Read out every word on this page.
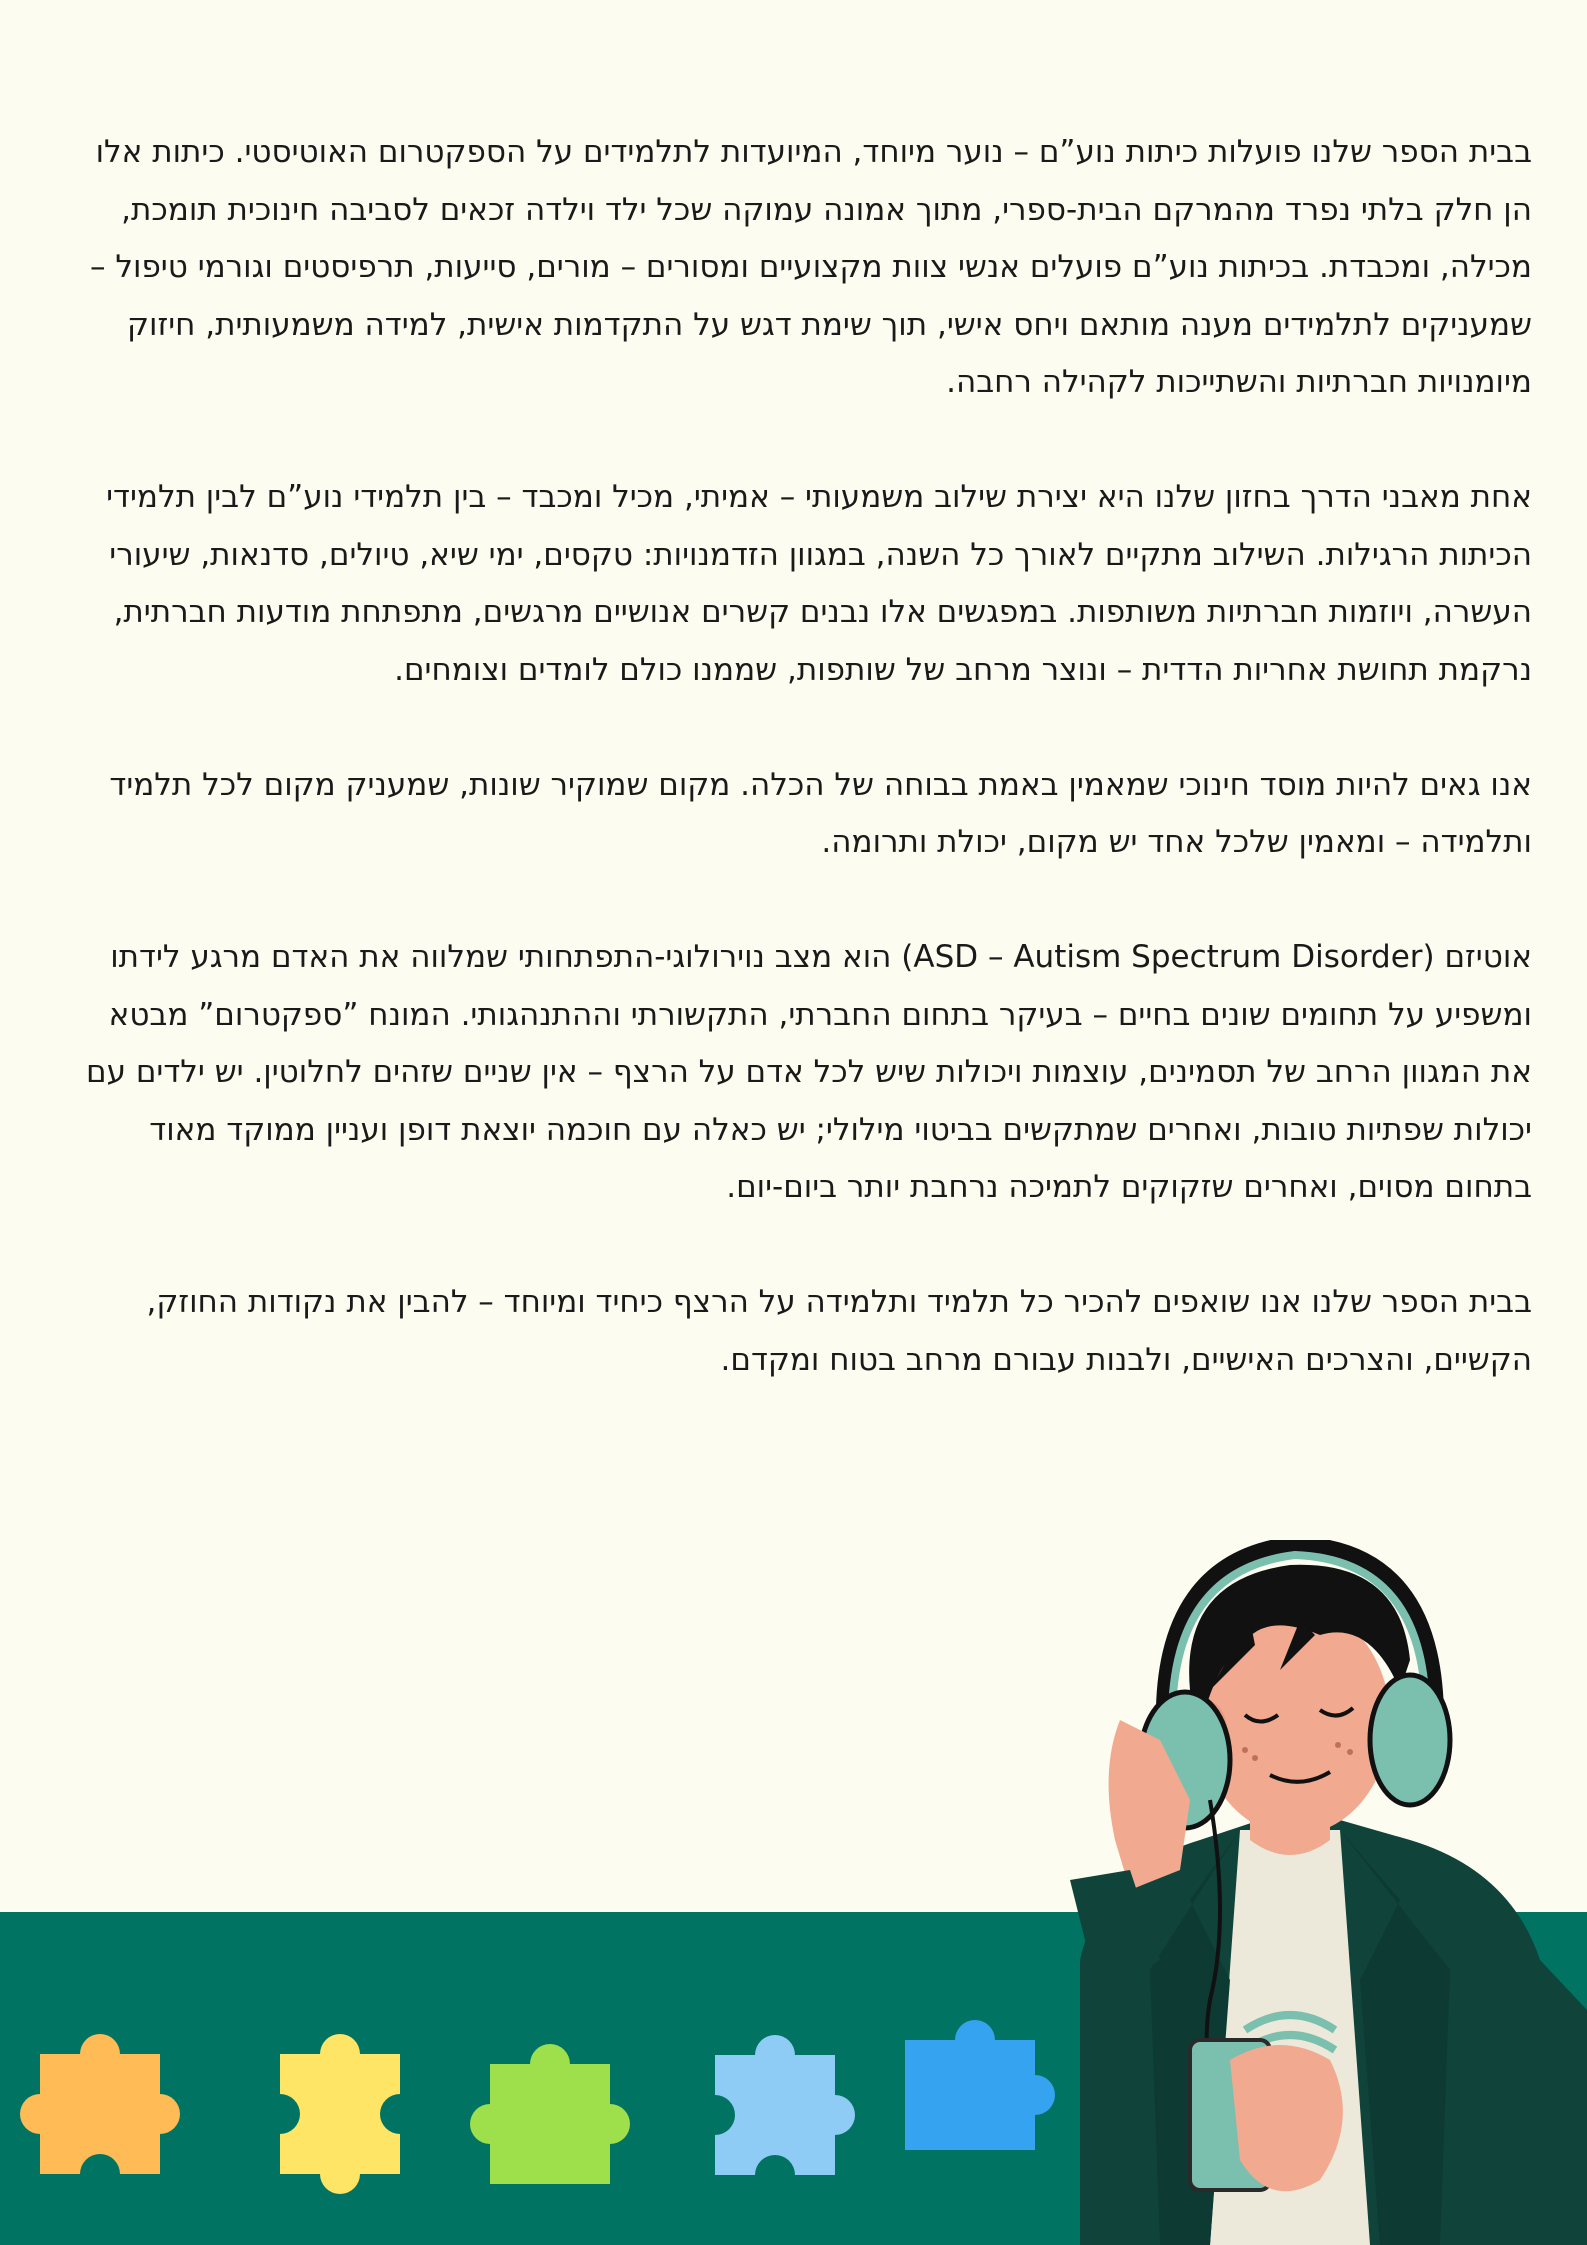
בבית הספר שלנו פועלות כיתות נוע”ם – נוער מיוחד, המיועדות לתלמידים על הספקטרום האוטיסטי. כיתות אלו הן חלק בלתי נפרד מהמרקם הבית-ספרי, מתוך אמונה עמוקה שכל ילד וילדה זכאים לסביבה חינוכית תומכת, מכילה, ומכבדת. בכיתות נוע”ם פועלים אנשי צוות מקצועיים ומסורים – מורים, סייעות, תרפיסטים וגורמי טיפול – שמעניקים לתלמידים מענה מותאם ויחס אישי, תוך שימת דגש על התקדמות אישית, למידה משמעותית, חיזוק מיומנויות חברתיות והשתייכות לקהילה רחבה.

אחת מאבני הדרך בחזון שלנו היא יצירת שילוב משמעותי – אמיתי, מכיל ומכבד – בין תלמידי נוע”ם לבין תלמידי הכיתות הרגילות. השילוב מתקיים לאורך כל השנה, במגוון הזדמנויות: טקסים, ימי שיא, טיולים, סדנאות, שיעורי העשרה, ויוזמות חברתיות משותפות. במפגשים אלו נבנים קשרים אנושיים מרגשים, מתפתחת מודעות חברתית, נרקמת תחושת אחריות הדדית – ונוצר מרחב של שותפות, שממנו כולם לומדים וצומחים.

אנו גאים להיות מוסד חינוכי שמאמין באמת בבוחה של הכלה. מקום שמוקיר שונות, שמעניק מקום לכל תלמיד ותלמידה – ומאמין שלכל אחד יש מקום, יכולת ותרומה.

אוטיזם (ASD – Autism Spectrum Disorder) הוא מצב נוירולוגי-התפתחותי שמלווה את האדם מרגע לידתו ומשפיע על תחומים שונים בחיים – בעיקר בתחום החברתי, התקשורתי וההתנהגותי. המונח ”ספקטרום” מבטא את המגוון הרחב של תסמינים, עוצמות ויכולות שיש לכל אדם על הרצף – אין שניים שזהים לחלוטין. יש ילדים עם יכולות שפתיות טובות, ואחרים שמתקשים בביטוי מילולי; יש כאלה עם חוכמה יוצאת דופן ועניין ממוקד מאוד בתחום מסוים, ואחרים שזקוקים לתמיכה נרחבת יותר ביום-יום.

בבית הספר שלנו אנו שואפים להכיר כל תלמיד ותלמידה על הרצף כיחיד ומיוחד – להבין את נקודות החוזק, הקשיים, והצרכים האישיים, ולבנות עבורם מרחב בטוח ומקדם.
